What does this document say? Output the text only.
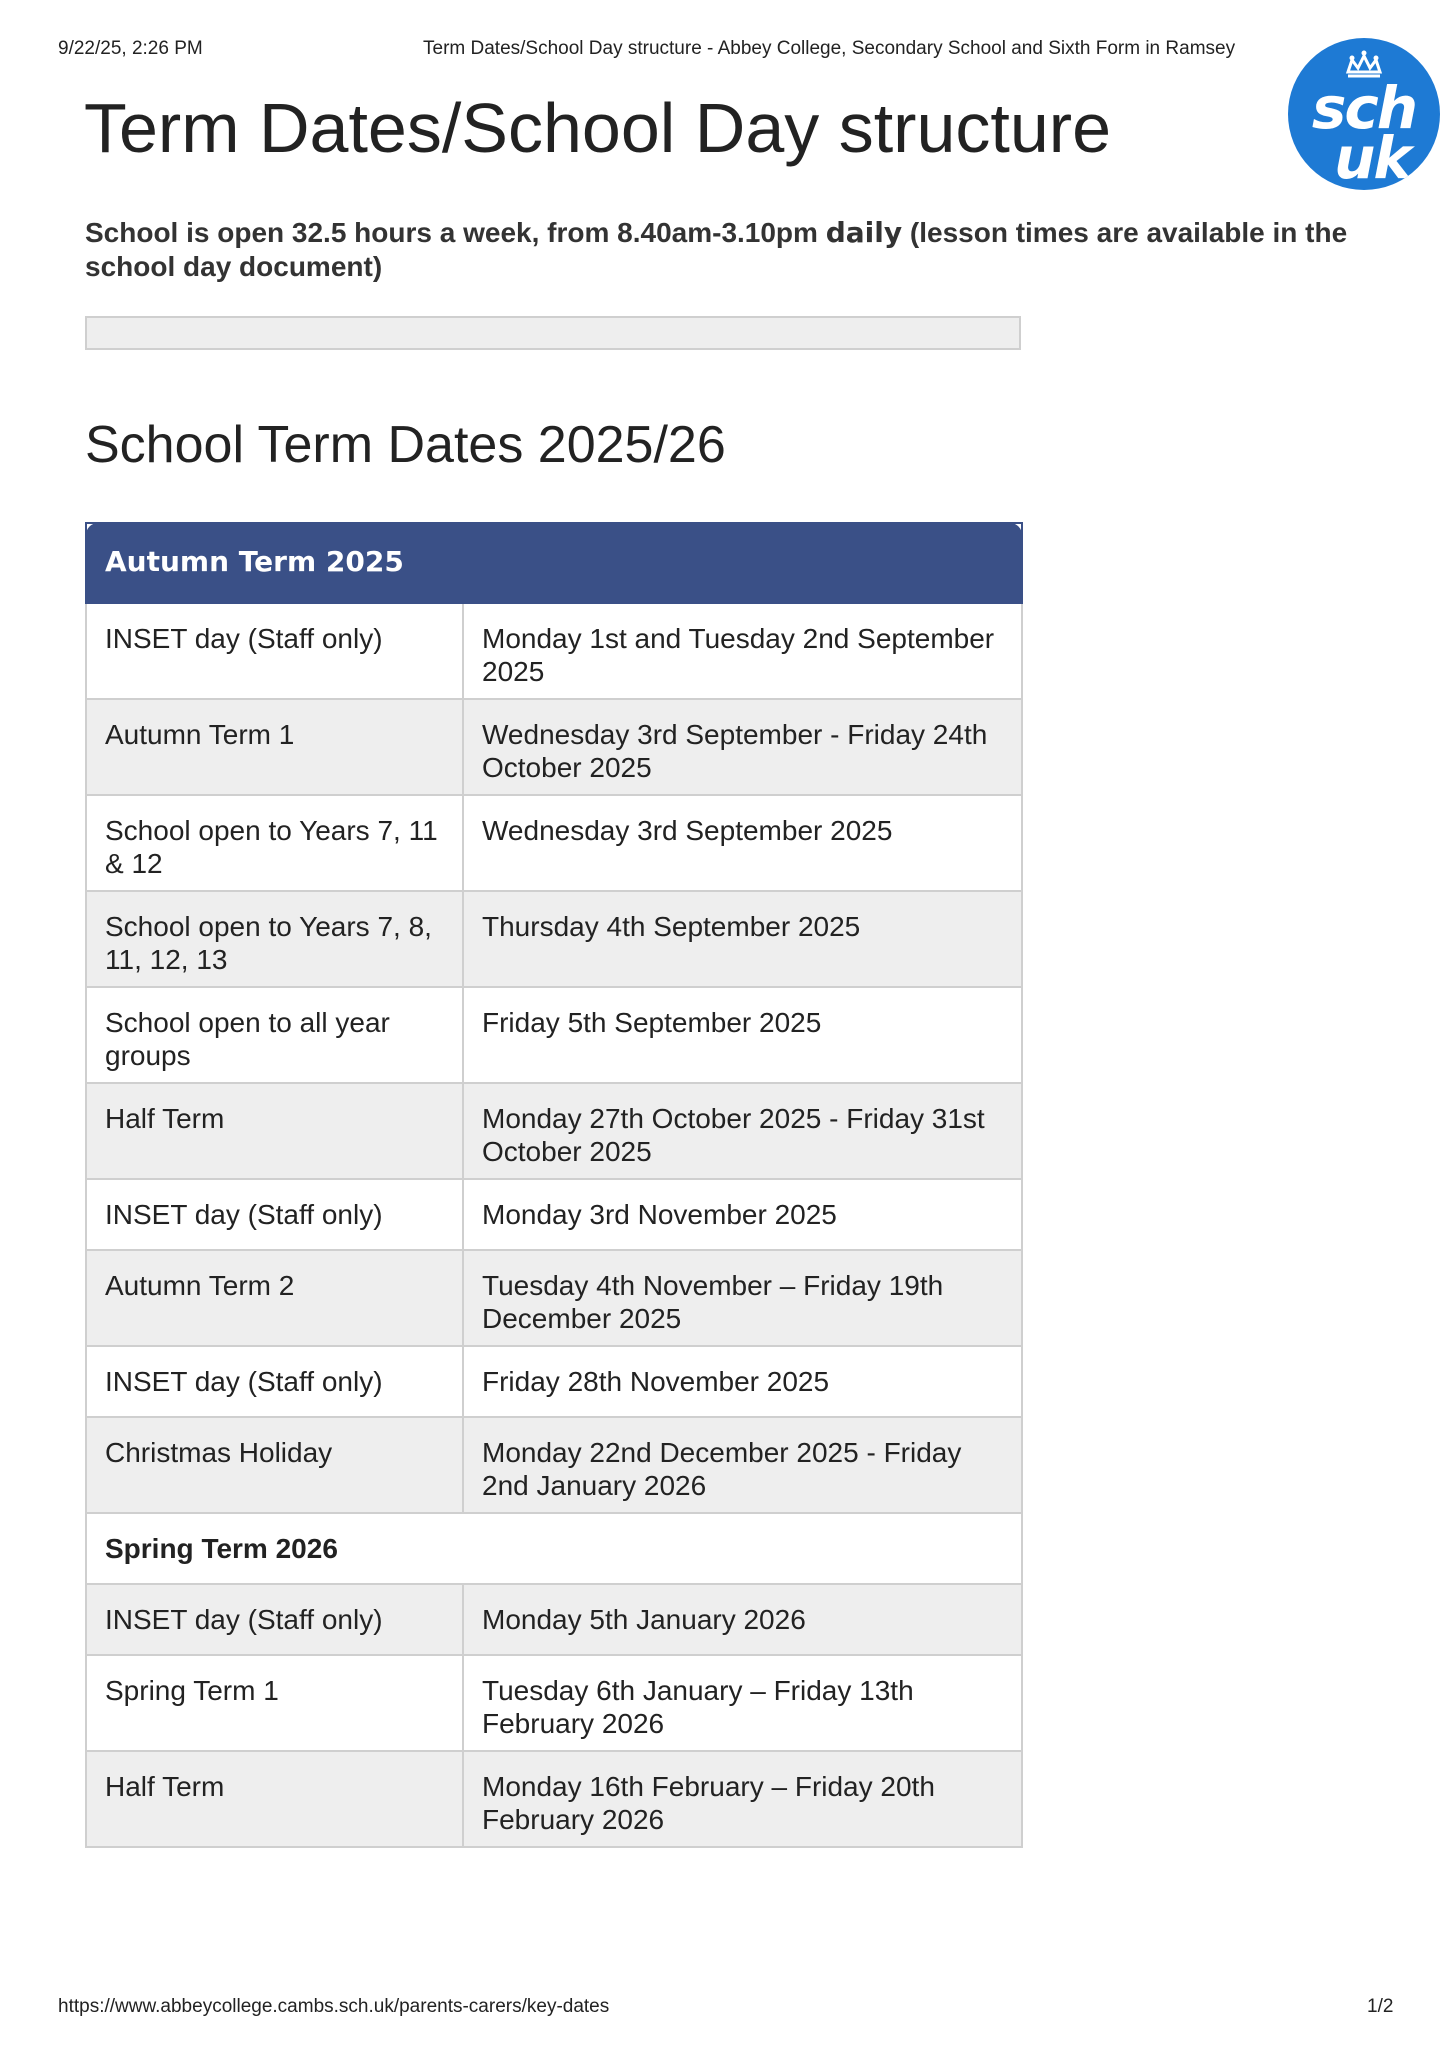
9/22/25, 2:26 PM	Term Dates/School Day structure - Abbey College, Secondary School and Sixth Form in Ramsey
sch
uk
Term Dates/School Day structure

School is open 32.5 hours a week, from 8.40am-3.10pm daily (lesson times are available in the school day document)

School Term Dates 2025/26
Autumn Term 2025	
INSET day (Staff only)	Monday 1st and Tuesday 2nd September 2025
Autumn Term 1	Wednesday 3rd September - Friday 24th October 2025
School open to Years 7, 11 & 12	Wednesday 3rd September 2025
School open to Years 7, 8, 11, 12, 13	Thursday 4th September 2025
School open to all year groups	Friday 5th September 2025
Half Term	Monday 27th October 2025 - Friday 31st October 2025
INSET day (Staff only)	Monday 3rd November 2025
Autumn Term 2	Tuesday 4th November – Friday 19th December 2025
INSET day (Staff only)	Friday 28th November 2025
Christmas Holiday	Monday 22nd December 2025 - Friday 2nd January 2026
Spring Term 2026	
INSET day (Staff only)	Monday 5th January 2026
Spring Term 1	Tuesday 6th January – Friday 13th February 2026
Half Term	Monday 16th February – Friday 20th February 2026
https://www.abbeycollege.cambs.sch.uk/parents-carers/key-dates	1/2
